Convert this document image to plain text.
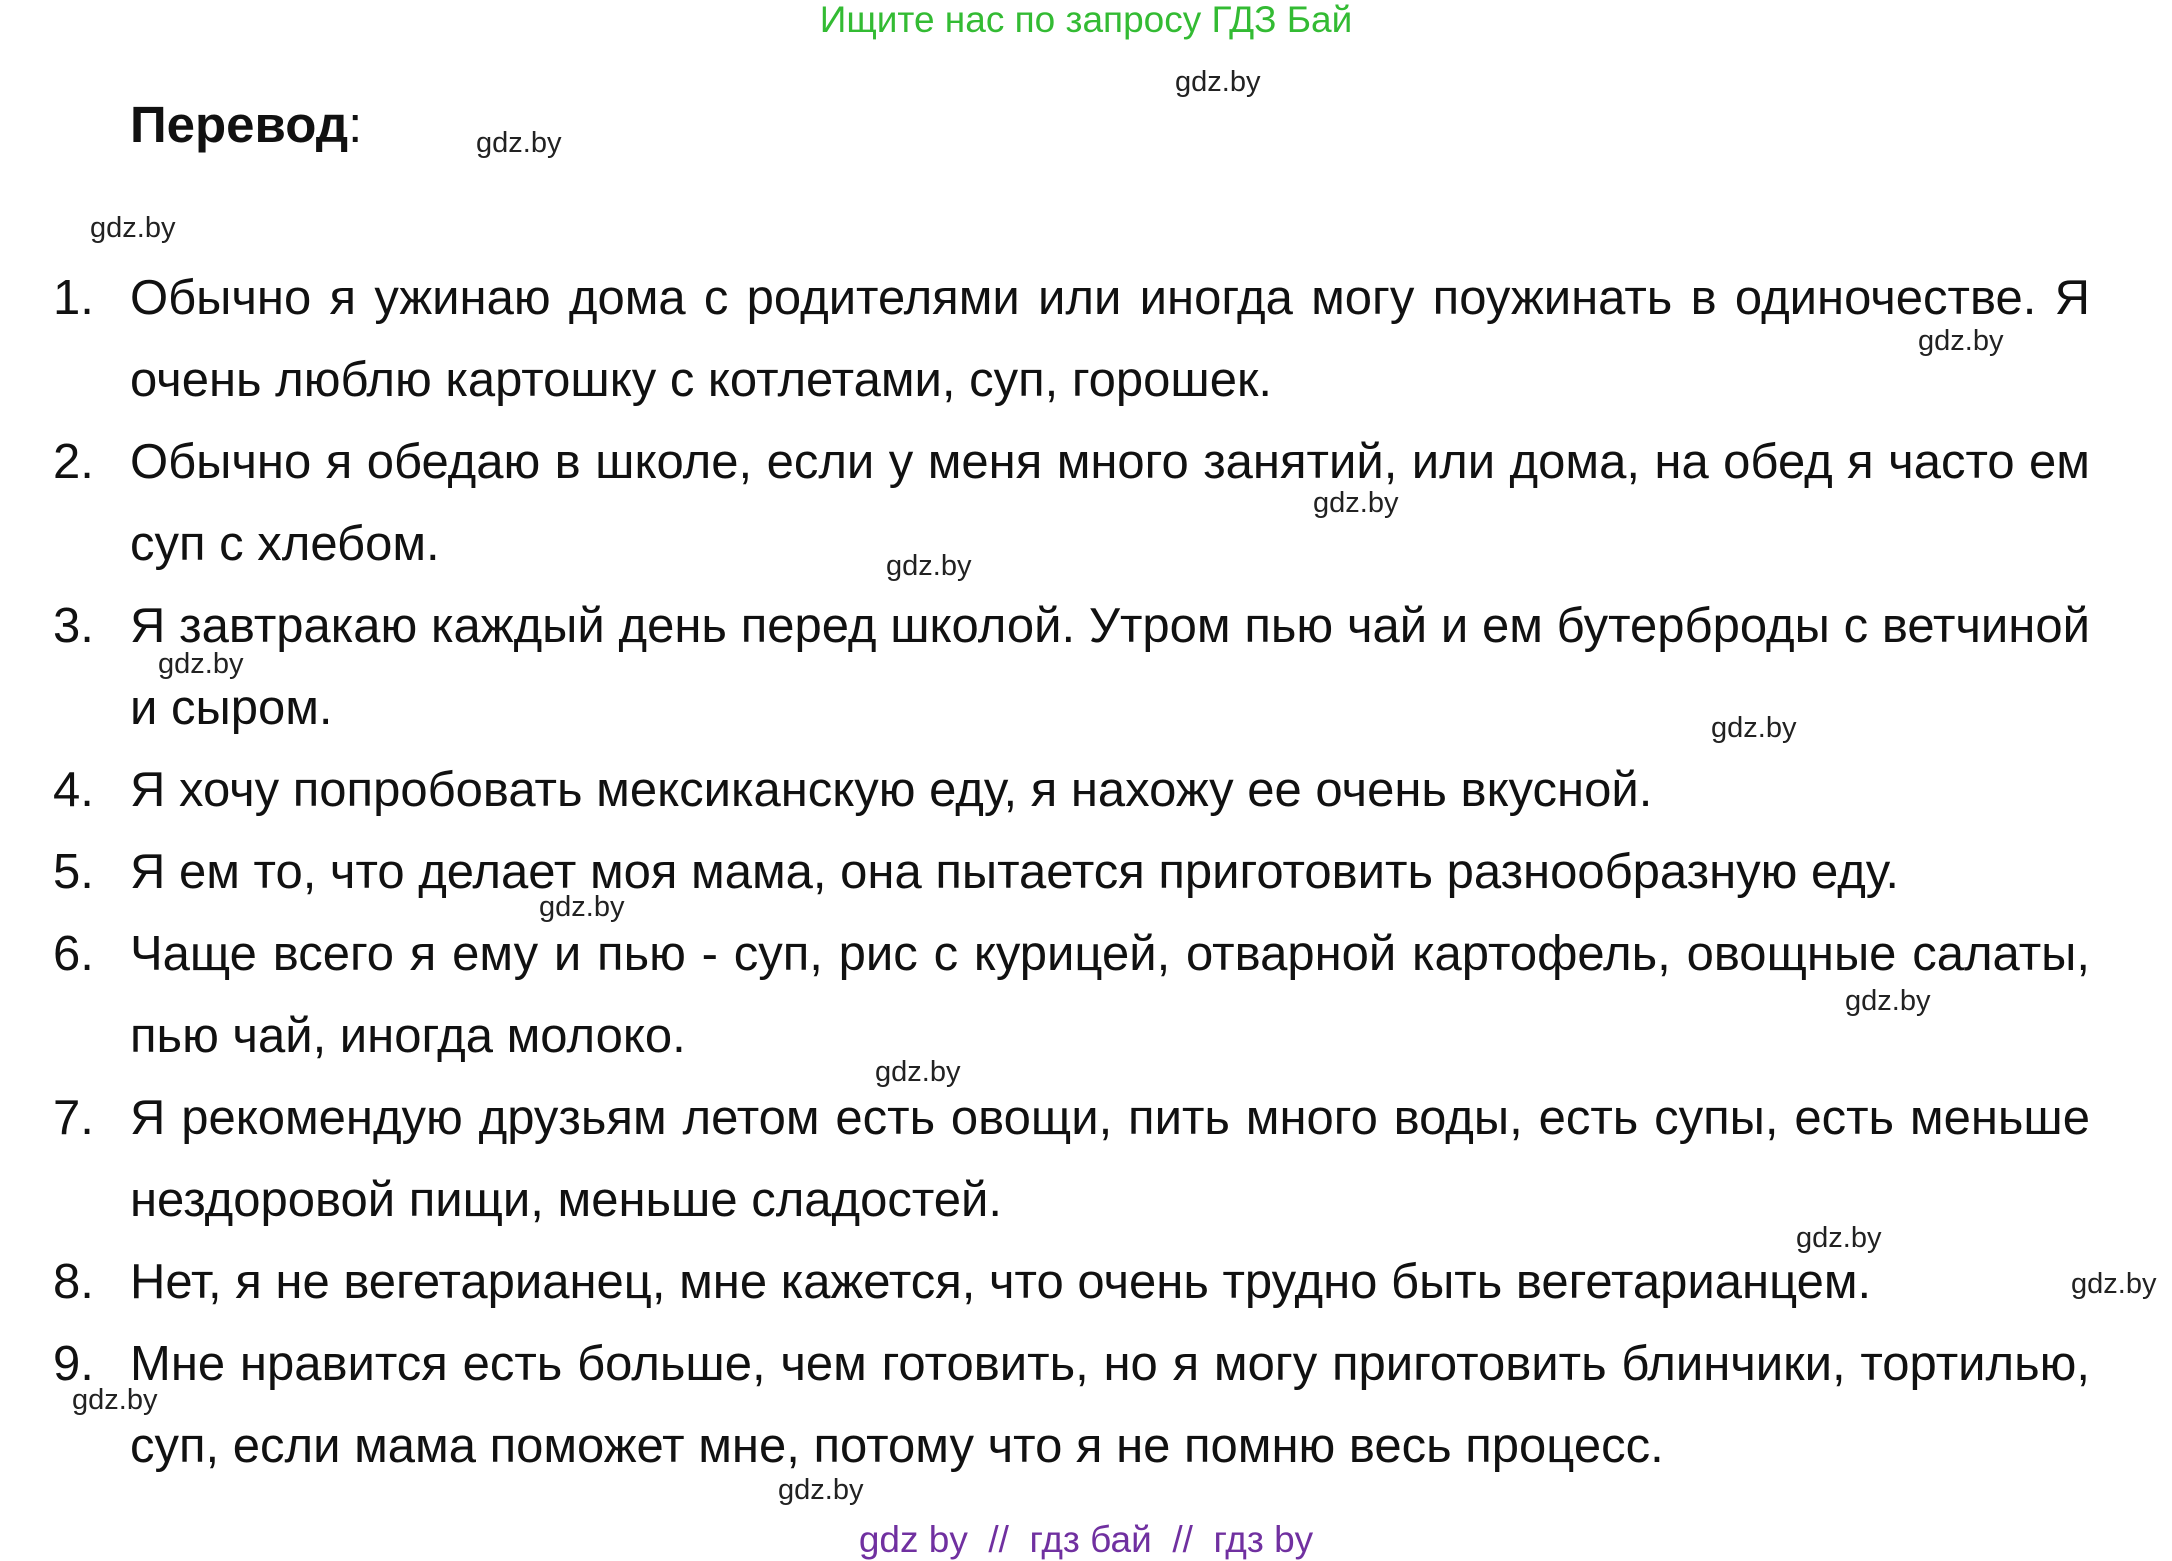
Ищите нас по запросу ГДЗ Бай
Перевод:
1. Обычно я ужинаю дома с родителями или иногда могу поужинать в одиночестве. Я очень люблю картошку с котлетами, суп, горошек.
2. Обычно я обедаю в школе, если у меня много занятий, или дома, на обед я часто ем суп с хлебом.
3. Я завтракаю каждый день перед школой. Утром пью чай и ем бутерброды с ветчиной и сыром.
4. Я хочу попробовать мексиканскую еду, я нахожу ее очень вкусной.
5. Я ем то, что делает моя мама, она пытается приготовить разнообразную еду.
6. Чаще всего я ему и пью - суп, рис с курицей, отварной картофель, овощные салаты, пью чай, иногда молоко.
7. Я рекомендую друзьям летом есть овощи, пить много воды, есть супы, есть меньше нездоровой пищи, меньше сладостей.
8. Нет, я не вегетарианец, мне кажется, что очень трудно быть вегетарианцем.
9. Мне нравится есть больше, чем готовить, но я могу приготовить блинчики, тортилью, суп, если мама поможет мне, потому что я не помню весь процесс.
gdz.by
gdz.by
gdz.by
gdz.by
gdz.by
gdz.by
gdz.by
gdz.by
gdz.by
gdz.by
gdz.by
gdz.by
gdz.by
gdz.by
gdz.by
gdz by  //  гдз бай  //  гдз by
